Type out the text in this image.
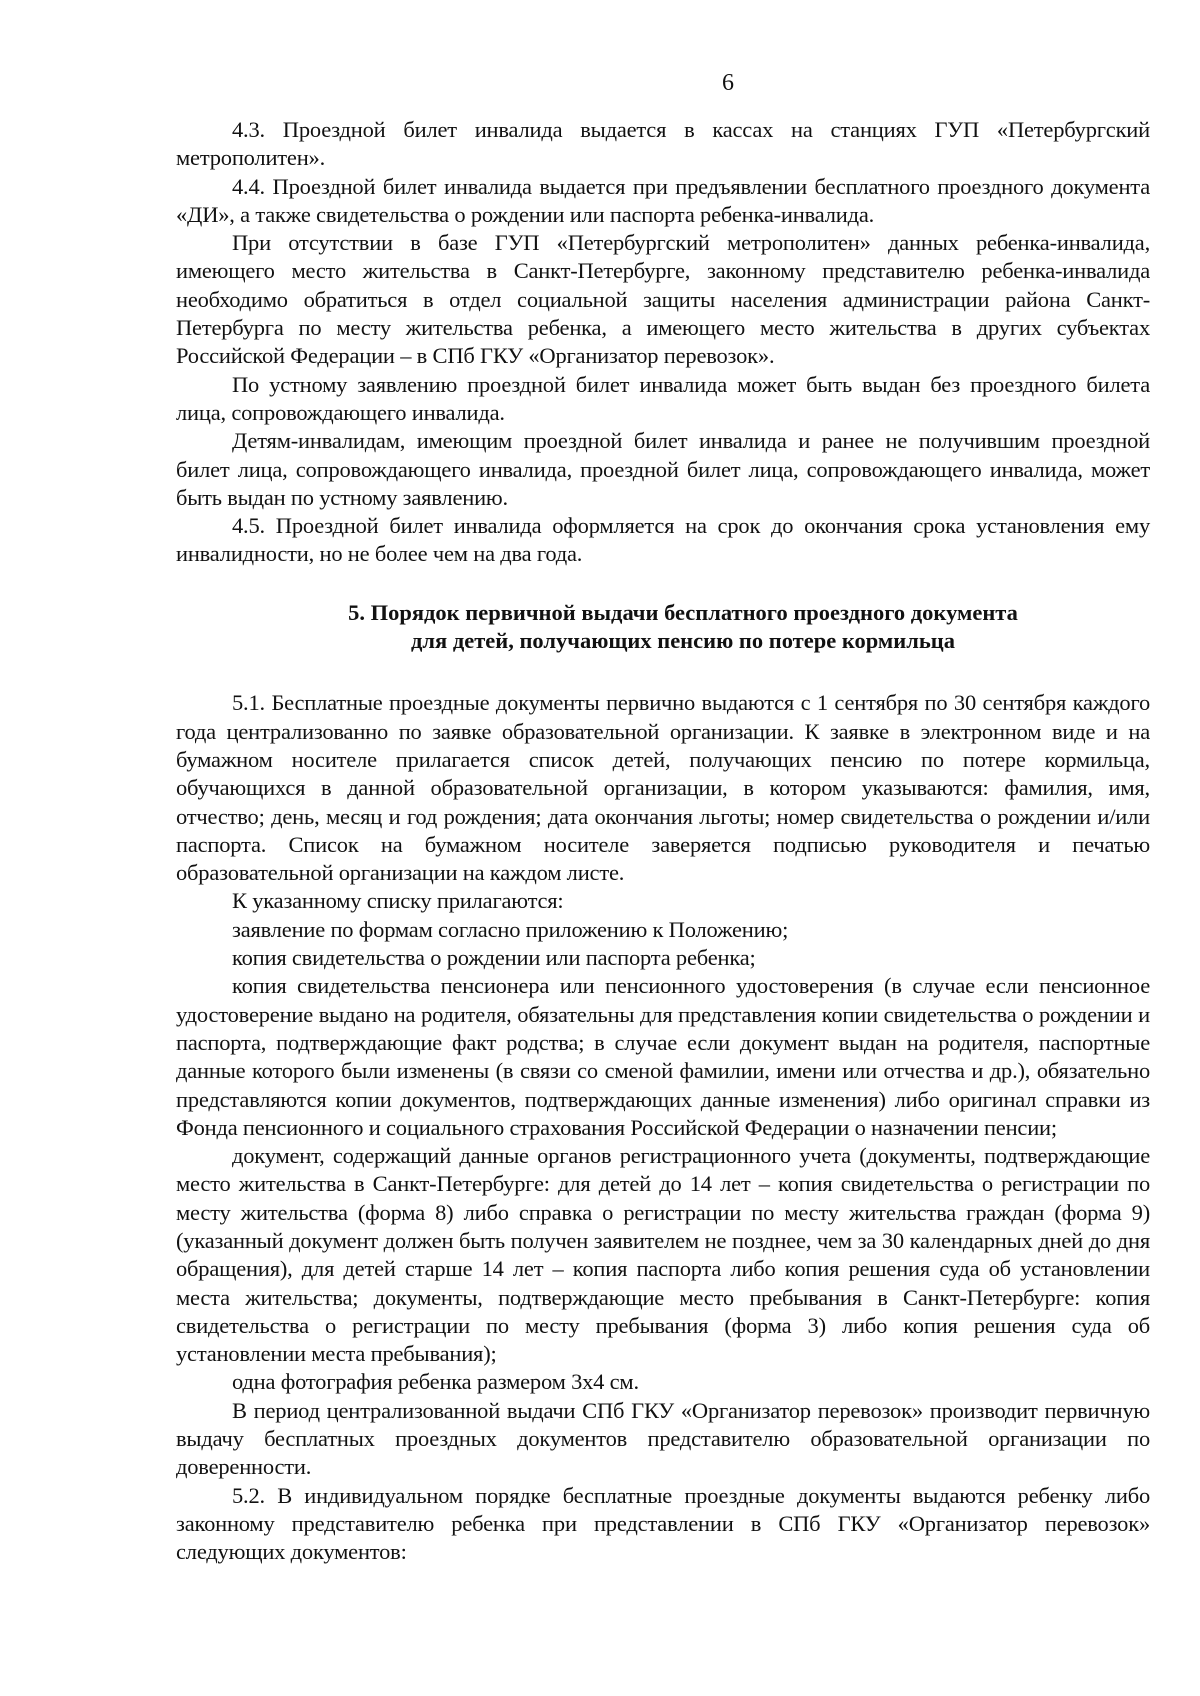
6

4.3. Проездной билет инвалида выдается в кассах на станциях ГУП «Петербургский метрополитен».

4.4. Проездной билет инвалида выдается при предъявлении бесплатного проездного документа «ДИ», а также свидетельства о рождении или паспорта ребенка-инвалида.

При отсутствии в базе ГУП «Петербургский метрополитен» данных ребенка-инвалида, имеющего место жительства в Санкт-Петербурге, законному представителю ребенка-инвалида необходимо обратиться в отдел социальной защиты населения администрации района Санкт-Петербурга по месту жительства ребенка, а имеющего место жительства в других субъектах Российской Федерации – в СПб ГКУ «Организатор перевозок».

По устному заявлению проездной билет инвалида может быть выдан без проездного билета лица, сопровождающего инвалида.

Детям-инвалидам, имеющим проездной билет инвалида и ранее не получившим проездной билет лица, сопровождающего инвалида, проездной билет лица, сопровождающего инвалида, может быть выдан по устному заявлению.

4.5. Проездной билет инвалида оформляется на срок до окончания срока установления ему инвалидности, но не более чем на два года.

5. Порядок первичной выдачи бесплатного проездного документа
для детей, получающих пенсию по потере кормильца

5.1. Бесплатные проездные документы первично выдаются с 1 сентября по 30 сентября каждого года централизованно по заявке образовательной организации. К заявке в электронном виде и на бумажном носителе прилагается список детей, получающих пенсию по потере кормильца, обучающихся в данной образовательной организации, в котором указываются: фамилия, имя, отчество; день, месяц и год рождения; дата окончания льготы; номер свидетельства о рождении и/или паспорта. Список на бумажном носителе заверяется подписью руководителя и печатью образовательной организации на каждом листе.

К указанному списку прилагаются:

заявление по формам согласно приложению к Положению;

копия свидетельства о рождении или паспорта ребенка;

копия свидетельства пенсионера или пенсионного удостоверения (в случае если пенсионное удостоверение выдано на родителя, обязательны для представления копии свидетельства о рождении и паспорта, подтверждающие факт родства; в случае если документ выдан на родителя, паспортные данные которого были изменены (в связи со сменой фамилии, имени или отчества и др.), обязательно представляются копии документов, подтверждающих данные изменения) либо оригинал справки из Фонда пенсионного и социального страхования Российской Федерации о назначении пенсии;

документ, содержащий данные органов регистрационного учета (документы, подтверждающие место жительства в Санкт-Петербурге: для детей до 14 лет – копия свидетельства о регистрации по месту жительства (форма 8) либо справка о регистрации по месту жительства граждан (форма 9) (указанный документ должен быть получен заявителем не позднее, чем за 30 календарных дней до дня обращения), для детей старше 14 лет – копия паспорта либо копия решения суда об установлении места жительства; документы, подтверждающие место пребывания в Санкт-Петербурге: копия свидетельства о регистрации по месту пребывания (форма 3) либо копия решения суда об установлении места пребывания);

одна фотография ребенка размером 3х4 см.

В период централизованной выдачи СПб ГКУ «Организатор перевозок» производит первичную выдачу бесплатных проездных документов представителю образовательной организации по доверенности.

5.2. В индивидуальном порядке бесплатные проездные документы выдаются ребенку либо законному представителю ребенка при представлении в СПб ГКУ «Организатор перевозок» следующих документов:
